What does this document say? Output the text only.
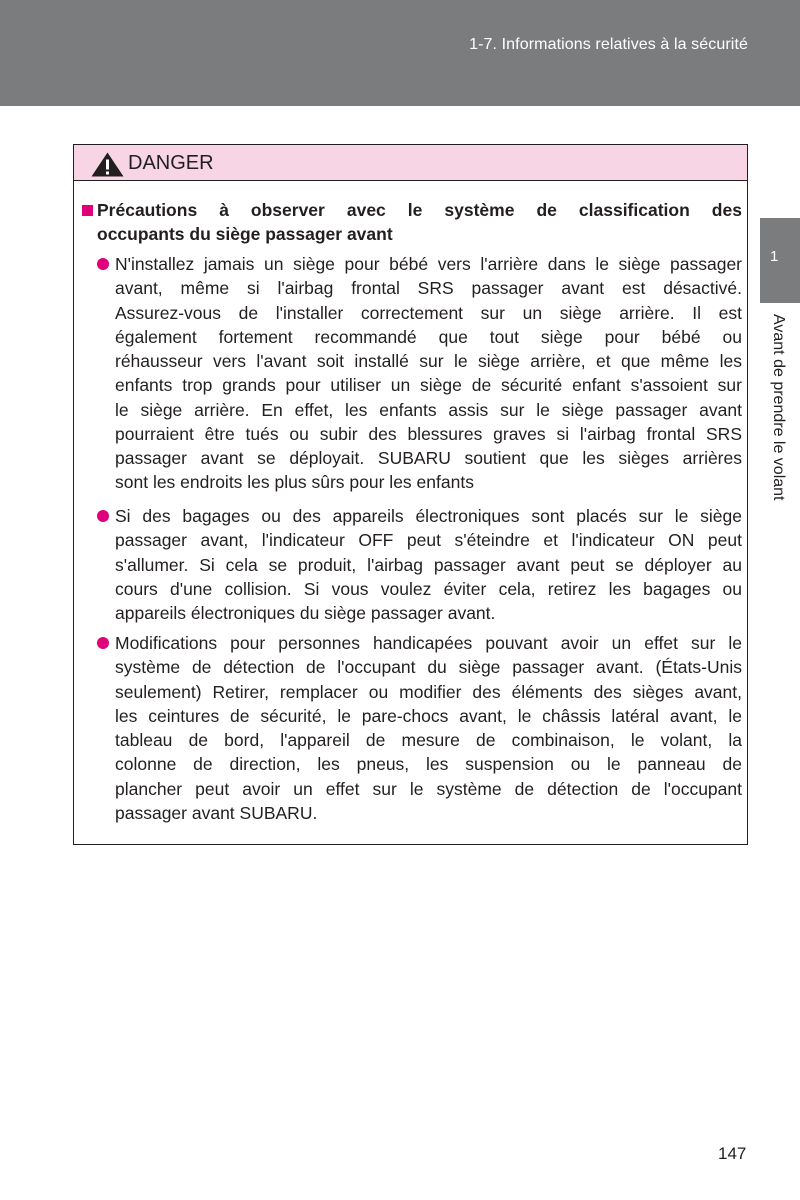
1-7. Informations relatives à la sécurité
1
Avant de prendre le volant
DANGER
Précautions à observer avec le système de classification des
occupants du siège passager avant
N'installez jamais un siège pour bébé vers l'arrière dans le siège passager
avant, même si l'airbag frontal SRS passager avant est désactivé.
Assurez-vous de l'installer correctement sur un siège arrière. Il est
également fortement recommandé que tout siège pour bébé ou
réhausseur vers l'avant soit installé sur le siège arrière, et que même les
enfants trop grands pour utiliser un siège de sécurité enfant s'assoient sur
le siège arrière. En effet, les enfants assis sur le siège passager avant
pourraient être tués ou subir des blessures graves si l'airbag frontal SRS
passager avant se déployait. SUBARU soutient que les sièges arrières
sont les endroits les plus sûrs pour les enfants
Si des bagages ou des appareils électroniques sont placés sur le siège
passager avant, l'indicateur OFF peut s'éteindre et l'indicateur ON peut
s'allumer. Si cela se produit, l'airbag passager avant peut se déployer au
cours d'une collision. Si vous voulez éviter cela, retirez les bagages ou
appareils électroniques du siège passager avant.
Modifications pour personnes handicapées pouvant avoir un effet sur le
système de détection de l'occupant du siège passager avant. (États-Unis
seulement) Retirer, remplacer ou modifier des éléments des sièges avant,
les ceintures de sécurité, le pare-chocs avant, le châssis latéral avant, le
tableau de bord, l'appareil de mesure de combinaison, le volant, la
colonne de direction, les pneus, les suspension ou le panneau de
plancher peut avoir un effet sur le système de détection de l'occupant
passager avant SUBARU.
147
